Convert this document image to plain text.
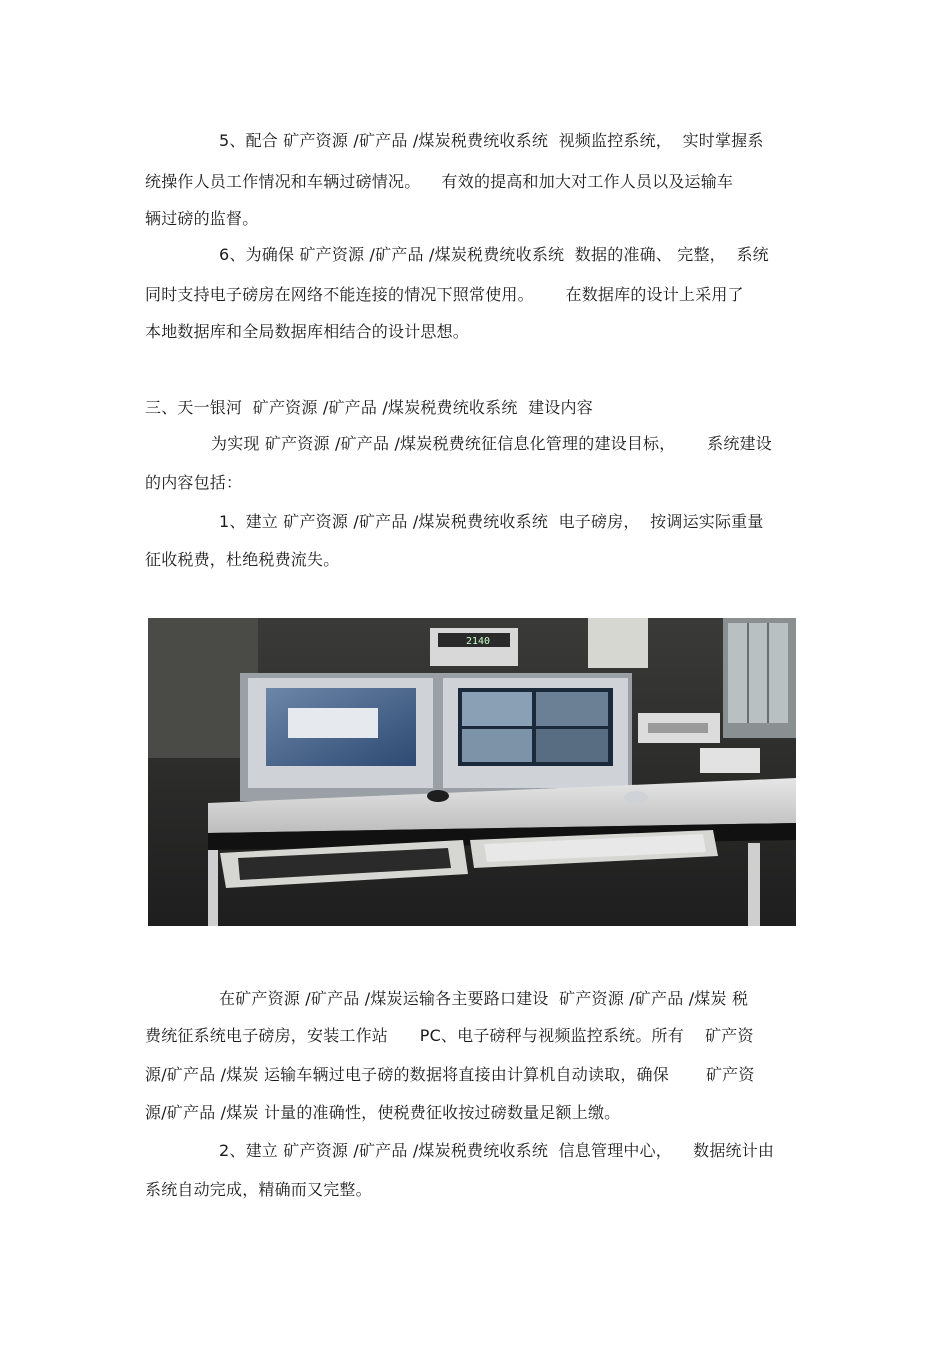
5、配合 矿产资源 /矿产品 /煤炭税费统收系统  视频监控系统，  实时掌握系
统操作人员工作情况和车辆过磅情况。    有效的提高和加大对工作人员以及运输车
辆过磅的监督。
6、为确保 矿产资源 /矿产品 /煤炭税费统收系统  数据的准确、 完整，  系统
同时支持电子磅房在网络不能连接的情况下照常使用。      在数据库的设计上采用了
本地数据库和全局数据库相结合的设计思想。
三、天一银河  矿产资源 /矿产品 /煤炭税费统收系统  建设内容
为实现 矿产资源 /矿产品 /煤炭税费统征信息化管理的建设目标，      系统建设
的内容包括：
1、建立 矿产资源 /矿产品 /煤炭税费统收系统  电子磅房，  按调运实际重量
征收税费，杜绝税费流失。
2140
在矿产资源 /矿产品 /煤炭运输各主要路口建设  矿产资源 /矿产品 /煤炭 税
费统征系统电子磅房，安装工作站      PC、电子磅秤与视频监控系统。所有    矿产资
源/矿产品 /煤炭 运输车辆过电子磅的数据将直接由计算机自动读取，确保       矿产资
源/矿产品 /煤炭 计量的准确性，使税费征收按过磅数量足额上缴。
2、建立 矿产资源 /矿产品 /煤炭税费统收系统  信息管理中心，    数据统计由
系统自动完成，精确而又完整。
